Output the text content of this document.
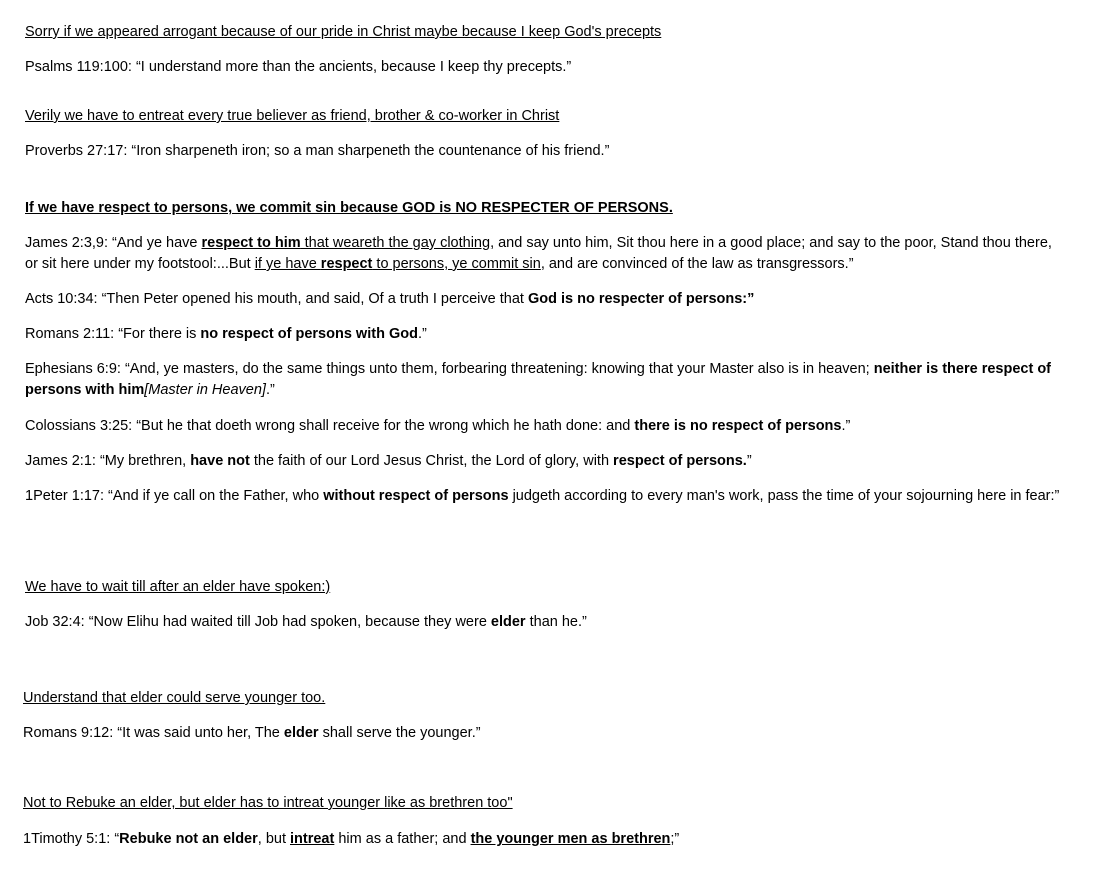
Sorry if we appeared arrogant because of our pride in Christ maybe because I keep God's precepts
Psalms 119:100: “I understand more than the ancients, because I keep thy precepts.”
Verily we have to entreat every true believer as friend, brother & co-worker in Christ
Proverbs 27:17: “Iron sharpeneth iron; so a man sharpeneth the countenance of his friend.”
If we have respect to persons, we commit sin because GOD is NO RESPECTER OF PERSONS.
James 2:3,9: “And ye have respect to him that weareth the gay clothing, and say unto him, Sit thou here in a good place; and say to the poor, Stand thou there, or sit here under my footstool:...But if ye have respect to persons, ye commit sin, and are convinced of the law as transgressors.”
Acts 10:34: “Then Peter opened his mouth, and said, Of a truth I perceive that God is no respecter of persons:”
Romans 2:11: “For there is no respect of persons with God.”
Ephesians 6:9: “And, ye masters, do the same things unto them, forbearing threatening: knowing that your Master also is in heaven; neither is there respect of persons with him[Master in Heaven].”
Colossians 3:25: “But he that doeth wrong shall receive for the wrong which he hath done: and there is no respect of persons.”
James 2:1: “My brethren, have not the faith of our Lord Jesus Christ, the Lord of glory, with respect of persons.”
1Peter 1:17: “And if ye call on the Father, who without respect of persons judgeth according to every man's work, pass the time of your sojourning here in fear:”
We have to wait till after an elder have spoken:)
Job 32:4: “Now Elihu had waited till Job had spoken, because they were elder than he.”
Understand that elder could serve younger too.
Romans 9:12: “It was said unto her, The elder shall serve the younger.”
Not to Rebuke an elder, but elder has to intreat younger like as brethren too"
1Timothy 5:1: “Rebuke not an elder, but intreat him as a father; and the younger men as brethren;”
